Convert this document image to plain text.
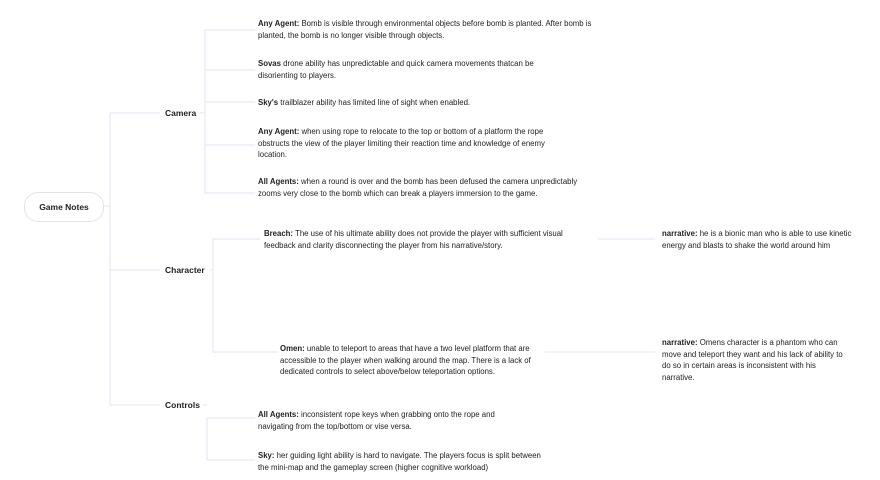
Game Notes
Camera
Character
Controls
Any Agent: Bomb is visible through environmental objects before bomb is planted. After bomb is planted, the bomb is no longer visible through objects.
Sovas drone ability has unpredictable and quick camera movements thatcan be disorienting to players.
Sky's trailblazer ability has limited line of sight when enabled.
Any Agent: when using rope to relocate to the top or bottom of a platform the rope obstructs the view of the player limiting their reaction time and knowledge of enemy location.
All Agents: when a round is over and the bomb has been defused the camera unpredictably zooms very close to the bomb which can break a players immersion to the game.
Breach: The use of his ultimate ability does not provide the player with sufficient visual feedback and clarity disconnecting the player from his narrative/story.
narrative: he is a bionic man who is able to use kinetic energy and blasts to shake the world around him
Omen: unable to teleport to areas that have a two level platform that are accessible to the player when walking around the map. There is a lack of dedicated controls to select above/below teleportation options.
narrative: Omens character is a phantom who can move and teleport they want and his lack of ability to do so in certain areas is inconsistent with his narrative.
All Agents: inconsistent rope keys when grabbing onto the rope and navigating from the top/bottom or vise versa.
Sky: her guiding light ability is hard to navigate. The players focus is split between the mini-map and the gameplay screen (higher cognitive workload)
